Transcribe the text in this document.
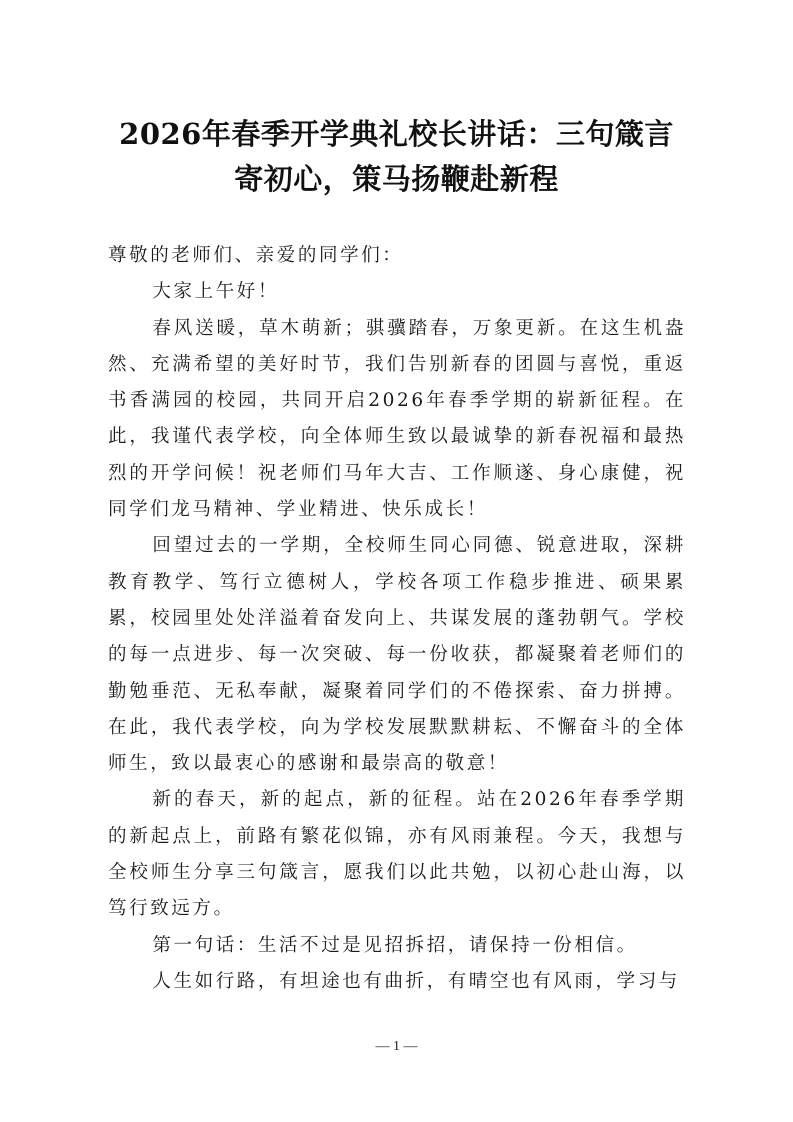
2026年春季开学典礼校长讲话：三句箴言
寄初心，策马扬鞭赴新程

尊敬的老师们、亲爱的同学们：

大家上午好！

春风送暖，草木萌新；骐骥踏春，万象更新。在这生机盎然、充满希望的美好时节，我们告别新春的团圆与喜悦，重返书香满园的校园，共同开启2026年春季学期的崭新征程。在此，我谨代表学校，向全体师生致以最诚挚的新春祝福和最热烈的开学问候！祝老师们马年大吉、工作顺遂、身心康健，祝同学们龙马精神、学业精进、快乐成长！

回望过去的一学期，全校师生同心同德、锐意进取，深耕教育教学、笃行立德树人，学校各项工作稳步推进、硕果累累，校园里处处洋溢着奋发向上、共谋发展的蓬勃朝气。学校的每一点进步、每一次突破、每一份收获，都凝聚着老师们的勤勉垂范、无私奉献，凝聚着同学们的不倦探索、奋力拼搏。在此，我代表学校，向为学校发展默默耕耘、不懈奋斗的全体师生，致以最衷心的感谢和最崇高的敬意！

新的春天，新的起点，新的征程。站在2026年春季学期的新起点上，前路有繁花似锦，亦有风雨兼程。今天，我想与全校师生分享三句箴言，愿我们以此共勉，以初心赴山海，以笃行致远方。

第一句话：生活不过是见招拆招，请保持一份相信。

人生如行路，有坦途也有曲折，有晴空也有风雨，学习与

— 1 —
